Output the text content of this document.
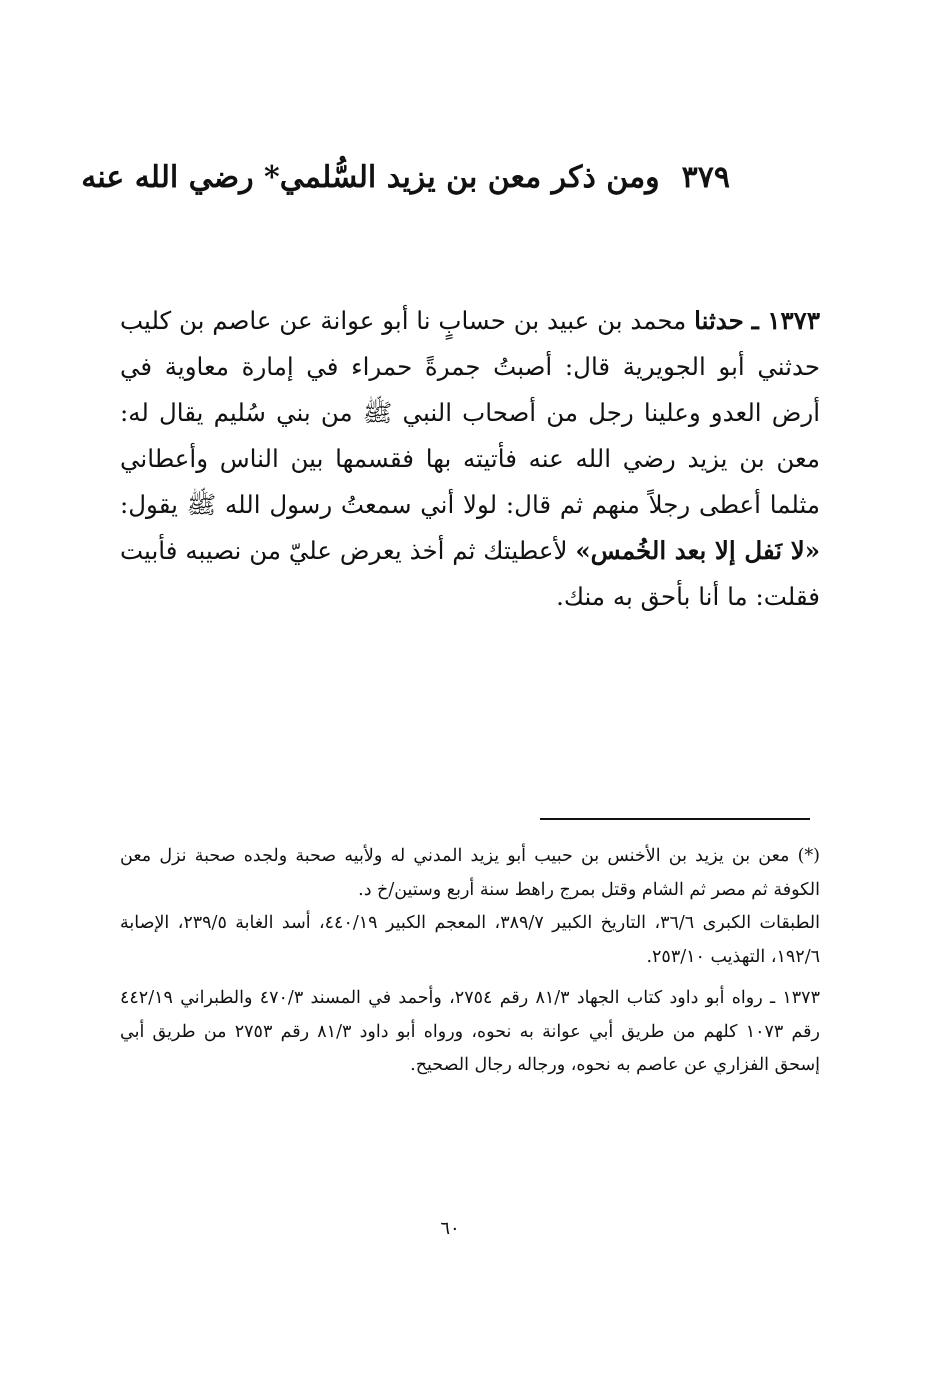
٣٧٩ومن ذكر معن بن يزيد السُّلمي* رضي الله عنه

١٣٧٣ ـ حدثنا محمد بن عبيد بن حسابٍ نا أبو عوانة عن عاصم بن كليب حدثني أبو الجويرية قال: أصبتُ جمرةً حمراء في إمارة معاوية في أرض العدو وعلينا رجل من أصحاب النبي ﷺ من بني سُليم يقال له: معن بن يزيد رضي الله عنه فأتيته بها فقسمها بين الناس وأعطاني مثلما أعطى رجلاً منهم ثم قال: لولا أني سمعتُ رسول الله ﷺ يقول: «لا نَفل إلا بعد الخُمس» لأعطيتك ثم أخذ يعرض عليّ من نصيبه فأبيت فقلت: ما أنا بأحق به منك.

(*) معن بن يزيد بن الأخنس بن حبيب أبو يزيد المدني له ولأبيه صحبة ولجده صحبة نزل معن الكوفة ثم مصر ثم الشام وقتل بمرج راهط سنة أربع وستين/خ د.

الطبقات الكبرى ٣٦/٦، التاريخ الكبير ٣٨٩/٧، المعجم الكبير ٤٤٠/١٩، أسد الغابة ٢٣٩/٥، الإصابة ١٩٢/٦، التهذيب ٢٥٣/١٠.

١٣٧٣ ـ رواه أبو داود كتاب الجهاد ٨١/٣ رقم ٢٧٥٤، وأحمد في المسند ٤٧٠/٣ والطبراني ٤٤٢/١٩ رقم ١٠٧٣ كلهم من طريق أبي عوانة به نحوه، ورواه أبو داود ٨١/٣ رقم ٢٧٥٣ من طريق أبي إسحق الفزاري عن عاصم به نحوه، ورجاله رجال الصحيح.

٦٠
